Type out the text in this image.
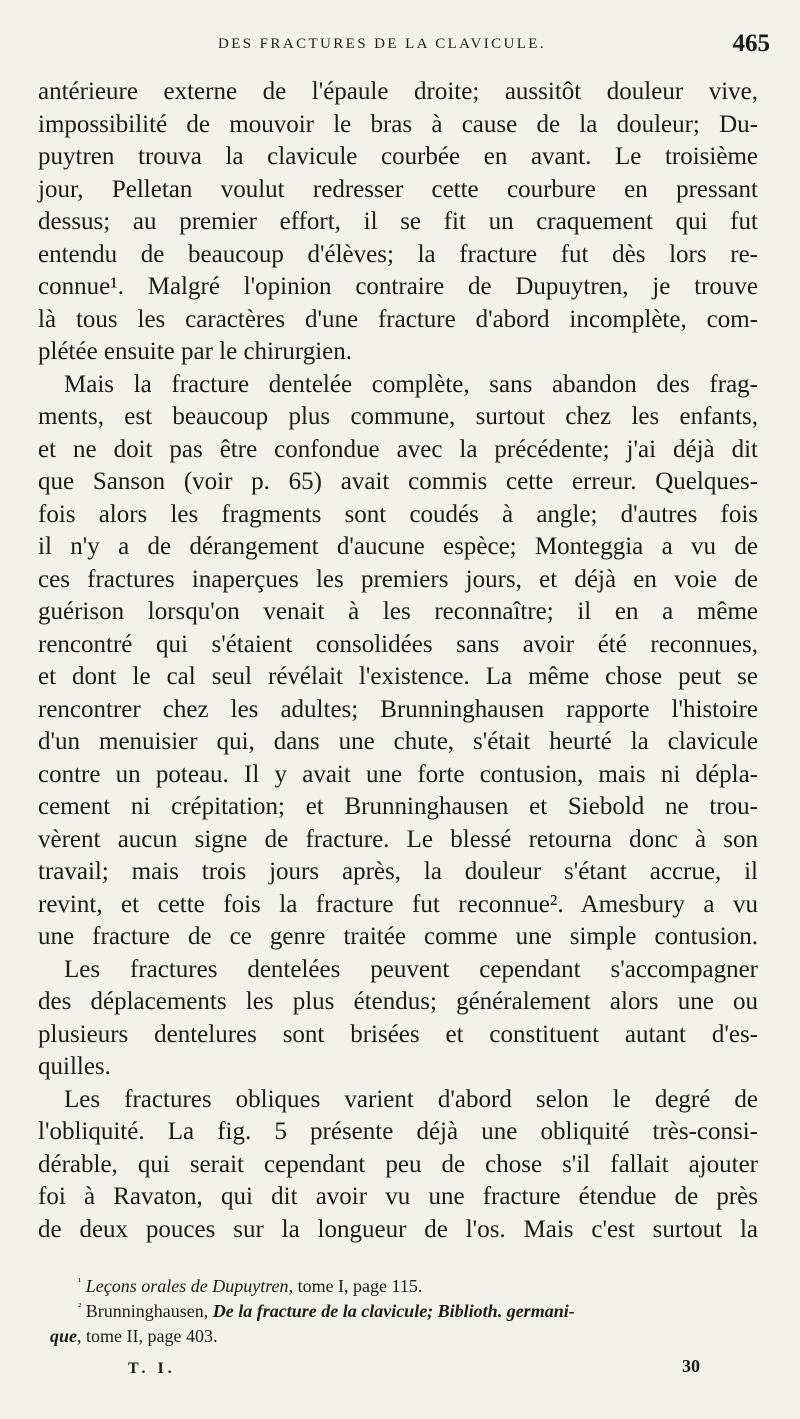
DES FRACTURES DE LA CLAVICULE.	465
antérieure externe de l'épaule droite; aussitôt douleur vive,
impossibilité de mouvoir le bras à cause de la douleur; Du-
puytren trouva la clavicule courbée en avant. Le troisième
jour, Pelletan voulut redresser cette courbure en pressant
dessus; au premier effort, il se fit un craquement qui fut
entendu de beaucoup d'élèves; la fracture fut dès lors re-
connue¹. Malgré l'opinion contraire de Dupuytren, je trouve
là tous les caractères d'une fracture d'abord incomplète, com-
plétée ensuite par le chirurgien.
Mais la fracture dentelée complète, sans abandon des frag-
ments, est beaucoup plus commune, surtout chez les enfants,
et ne doit pas être confondue avec la précédente; j'ai déjà dit
que Sanson (voir p. 65) avait commis cette erreur. Quelques-
fois alors les fragments sont coudés à angle; d'autres fois
il n'y a de dérangement d'aucune espèce; Monteggia a vu de
ces fractures inaperçues les premiers jours, et déjà en voie de
guérison lorsqu'on venait à les reconnaître; il en a même
rencontré qui s'étaient consolidées sans avoir été reconnues,
et dont le cal seul révélait l'existence. La même chose peut se
rencontrer chez les adultes; Brunninghausen rapporte l'histoire
d'un menuisier qui, dans une chute, s'était heurté la clavicule
contre un poteau. Il y avait une forte contusion, mais ni dépla-
cement ni crépitation; et Brunninghausen et Siebold ne trou-
vèrent aucun signe de fracture. Le blessé retourna donc à son
travail; mais trois jours après, la douleur s'étant accrue, il
revint, et cette fois la fracture fut reconnue². Amesbury a vu
une fracture de ce genre traitée comme une simple contusion.
Les fractures dentelées peuvent cependant s'accompagner
des déplacements les plus étendus; généralement alors une ou
plusieurs dentelures sont brisées et constituent autant d'es-
quilles.
Les fractures obliques varient d'abord selon le degré de
l'obliquité. La fig. 5 présente déjà une obliquité très-consi-
dérable, qui serait cependant peu de chose s'il fallait ajouter
foi à Ravaton, qui dit avoir vu une fracture étendue de près
de deux pouces sur la longueur de l'os. Mais c'est surtout la
$^{^1}$ Leçons orales de Dupuytren, tome I, page 115.
$^{^2}$ Brunninghausen, De la fracture de la clavicule; Biblioth. germani-
que, tome II, page 403.
T. I.	30
